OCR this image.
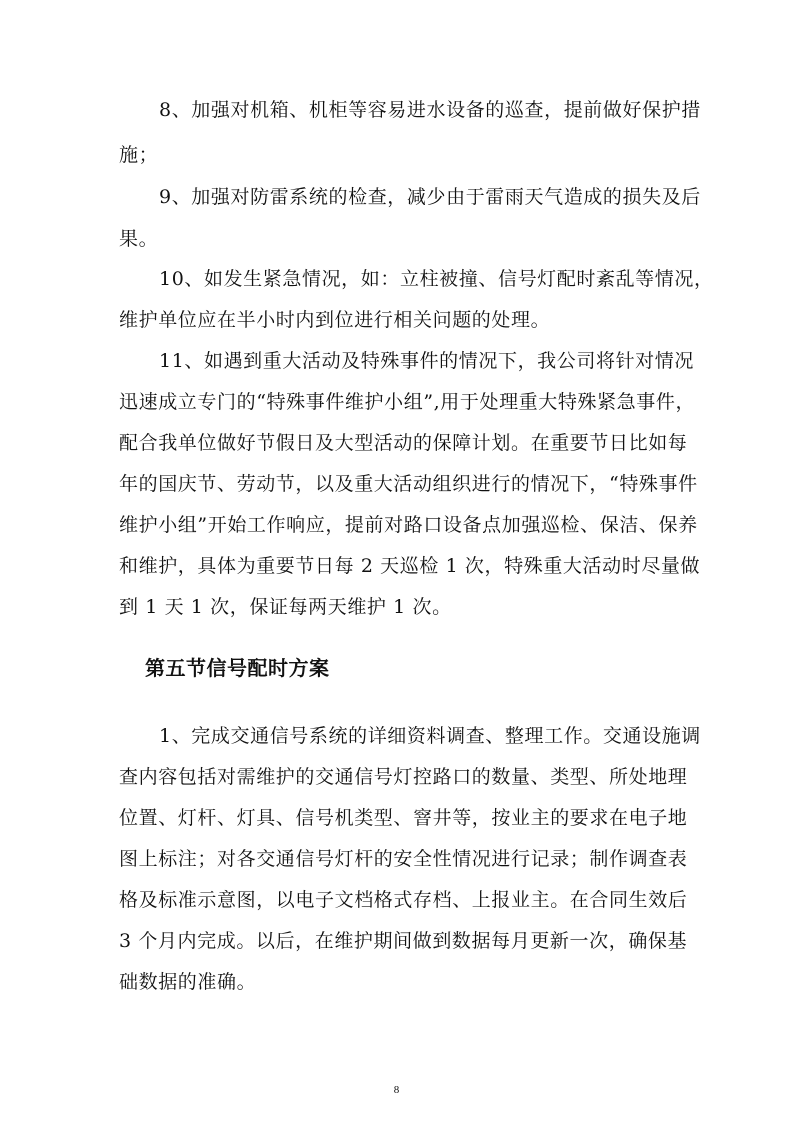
8、加强对机箱、机柜等容易进水设备的巡查，提前做好保护措
施；
9、加强对防雷系统的检查，减少由于雷雨天气造成的损失及后
果。
10、如发生紧急情况，如：立柱被撞、信号灯配时紊乱等情况，
维护单位应在半小时内到位进行相关问题的处理。
11、如遇到重大活动及特殊事件的情况下，我公司将针对情况
迅速成立专门的“特殊事件维护小组”,用于处理重大特殊紧急事件，
配合我单位做好节假日及大型活动的保障计划。在重要节日比如每
年的国庆节、劳动节，以及重大活动组织进行的情况下，“特殊事件
维护小组”开始工作响应，提前对路口设备点加强巡检、保洁、保养
和维护，具体为重要节日每 2 天巡检 1 次，特殊重大活动时尽量做
到 1 天 1 次，保证每两天维护 1 次。
第五节信号配时方案
1、完成交通信号系统的详细资料调查、整理工作。交通设施调
查内容包括对需维护的交通信号灯控路口的数量、类型、所处地理
位置、灯杆、灯具、信号机类型、窨井等，按业主的要求在电子地
图上标注；对各交通信号灯杆的安全性情况进行记录；制作调查表
格及标准示意图，以电子文档格式存档、上报业主。在合同生效后
3 个月内完成。以后，在维护期间做到数据每月更新一次，确保基
础数据的准确。
8
